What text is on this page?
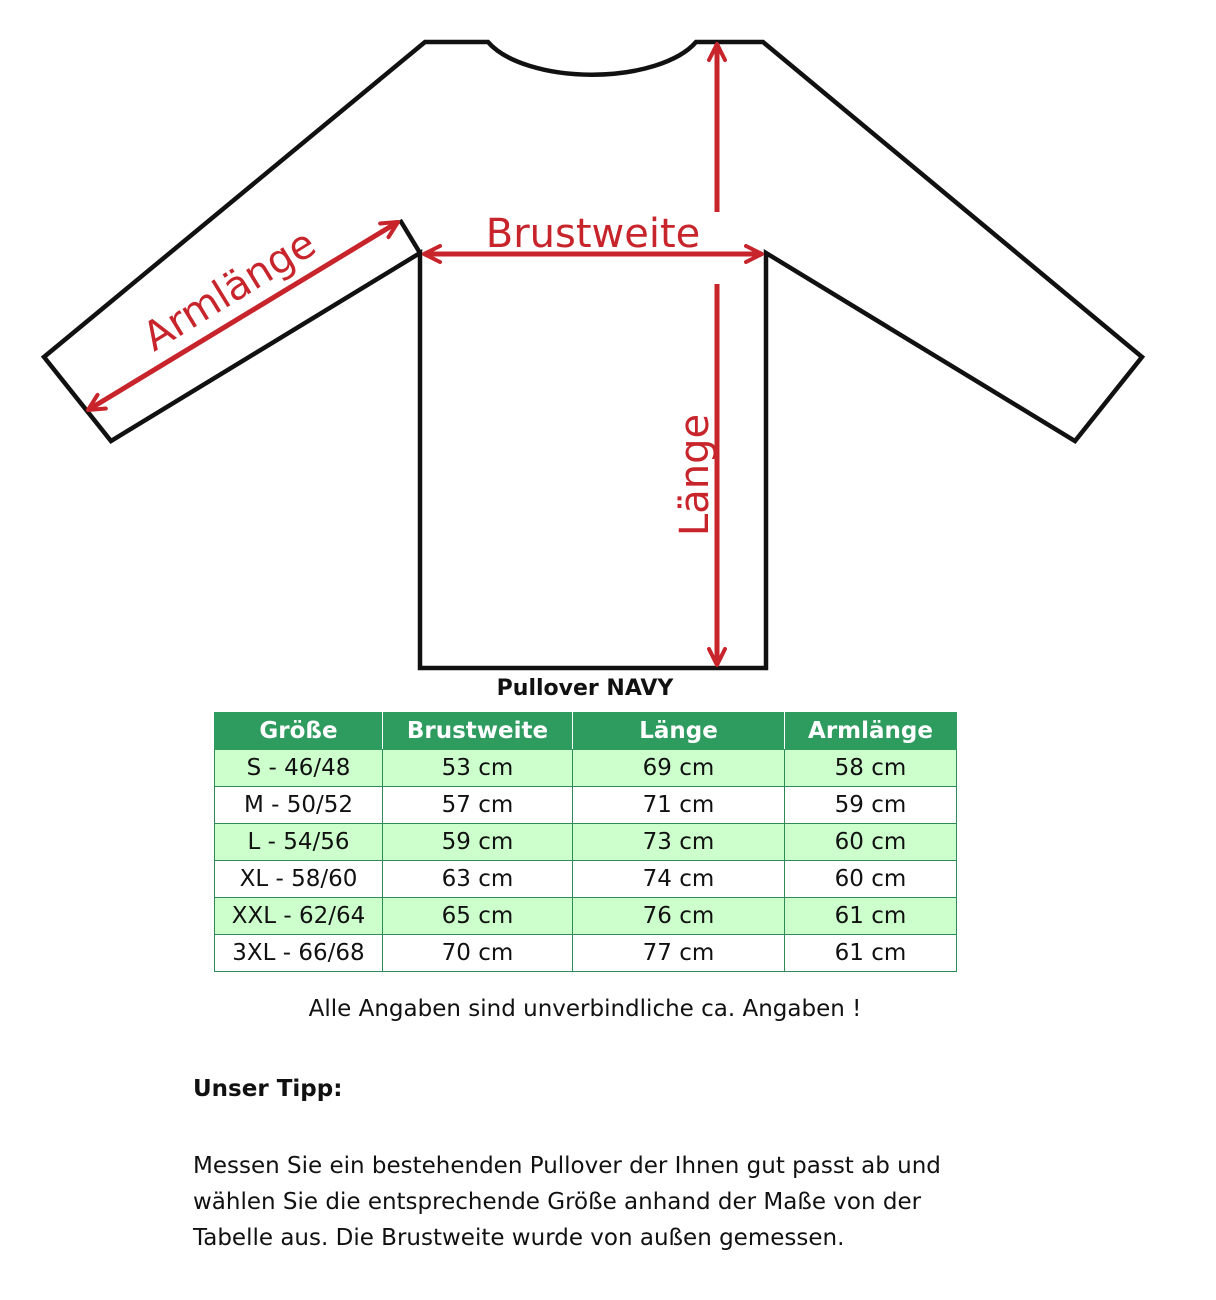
Armlänge	Brustweite
Länge
Pullover NAVY
Größe	Brustweite	Länge	Armlänge
S - 46/48	53 cm	69 cm	58 cm
M - 50/52	57 cm	71 cm	59 cm
L - 54/56	59 cm	73 cm	60 cm
XL - 58/60	63 cm	74 cm	60 cm
XXL - 62/64	65 cm	76 cm	61 cm
3XL - 66/68	70 cm	77 cm	61 cm
Alle Angaben sind unverbindliche ca. Angaben !
Unser Tipp:
Messen Sie ein bestehenden Pullover der Ihnen gut passt ab und
wählen Sie die entsprechende Größe anhand der Maße von der
Tabelle aus. Die Brustweite wurde von außen gemessen.
